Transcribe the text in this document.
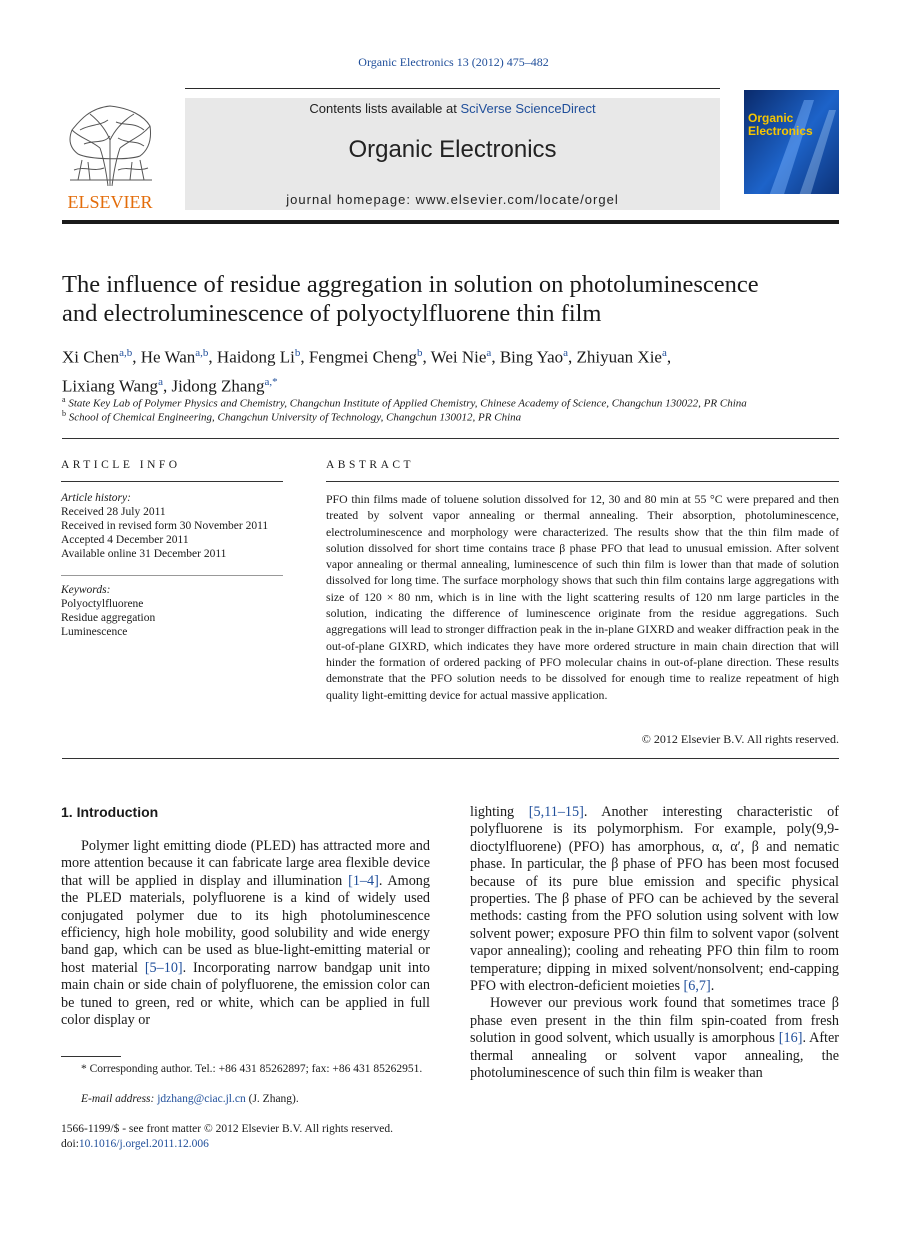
Organic Electronics 13 (2012) 475–482
ELSEVIER
Contents lists available at SciVerse ScienceDirect
Organic Electronics
journal homepage: www.elsevier.com/locate/orgel
Organic
Electronics
The influence of residue aggregation in solution on photoluminescence
and electroluminescence of polyoctylfluorene thin film
Xi Chen$^{a,b}$, He Wan$^{a,b}$, Haidong Li$^b$, Fengmei Cheng$^b$, Wei Nie$^a$, Bing Yao$^a$, Zhiyuan Xie$^a$,
Lixiang Wang$^a$, Jidong Zhang$^{a,*}$
$^a$ State Key Lab of Polymer Physics and Chemistry, Changchun Institute of Applied Chemistry, Chinese Academy of Science, Changchun 130022, PR China
$^b$ School of Chemical Engineering, Changchun University of Technology, Changchun 130012, PR China
ARTICLE INFO
Article history:
Received 28 July 2011
Received in revised form 30 November 2011
Accepted 4 December 2011
Available online 31 December 2011
Keywords:
Polyoctylfluorene
Residue aggregation
Luminescence
ABSTRACT
PFO thin films made of toluene solution dissolved for 12, 30 and 80 min at 55 °C were prepared and then treated by solvent vapor annealing or thermal annealing. Their absorption, photoluminescence, electroluminescence and morphology were characterized. The results show that the thin film made of solution dissolved for short time contains trace β phase PFO that lead to unusual emission. After solvent vapor annealing or thermal annealing, luminescence of such thin film is lower than that made of solution dissolved for long time. The surface morphology shows that such thin film contains large aggregations with size of 120 × 80 nm, which is in line with the light scattering results of 120 nm large particles in the solution, indicating the difference of luminescence originate from the residue aggregations. Such aggregations will lead to stronger diffraction peak in the in-plane GIXRD and weaker diffraction peak in the out-of-plane GIXRD, which indicates they have more ordered structure in main chain direction that will hinder the formation of ordered packing of PFO molecular chains in out-of-plane direction. These results demonstrate that the PFO solution needs to be dissolved for enough time to realize repeatment of high quality light-emitting device for actual massive application.
© 2012 Elsevier B.V. All rights reserved.
1. Introduction

Polymer light emitting diode (PLED) has attracted more and more attention because it can fabricate large area flexible device that will be applied in display and illumination [1–4]. Among the PLED materials, polyfluorene is a kind of widely used conjugated polymer due to its high photoluminescence efficiency, high hole mobility, good solubility and wide energy band gap, which can be used as blue-light-emitting material or host material [5–10]. Incorporating narrow bandgap unit into main chain or side chain of polyfluorene, the emission color can be tuned to green, red or white, which can be applied in full color display or

* Corresponding author. Tel.: +86 431 85262897; fax: +86 431 85262951.
E-mail address: jdzhang@ciac.jl.cn (J. Zhang).
1566-1199/$ - see front matter © 2012 Elsevier B.V. All rights reserved.
doi:10.1016/j.orgel.2011.12.006

lighting [5,11–15]. Another interesting characteristic of polyfluorene is its polymorphism. For example, poly(9,9-dioctylfluorene) (PFO) has amorphous, α, α′, β and nematic phase. In particular, the β phase of PFO has been most focused because of its pure blue emission and specific physical properties. The β phase of PFO can be achieved by the several methods: casting from the PFO solution using solvent with low solvent power; exposure PFO thin film to solvent vapor (solvent vapor annealing); cooling and reheating PFO thin film to room temperature; dipping in mixed solvent/nonsolvent; end-capping PFO with electron-deficient moieties [6,7].

However our previous work found that sometimes trace β phase even present in the thin film spin-coated from fresh solution in good solvent, which usually is amorphous [16]. After thermal annealing or solvent vapor annealing, the photoluminescence of such thin film is weaker than
